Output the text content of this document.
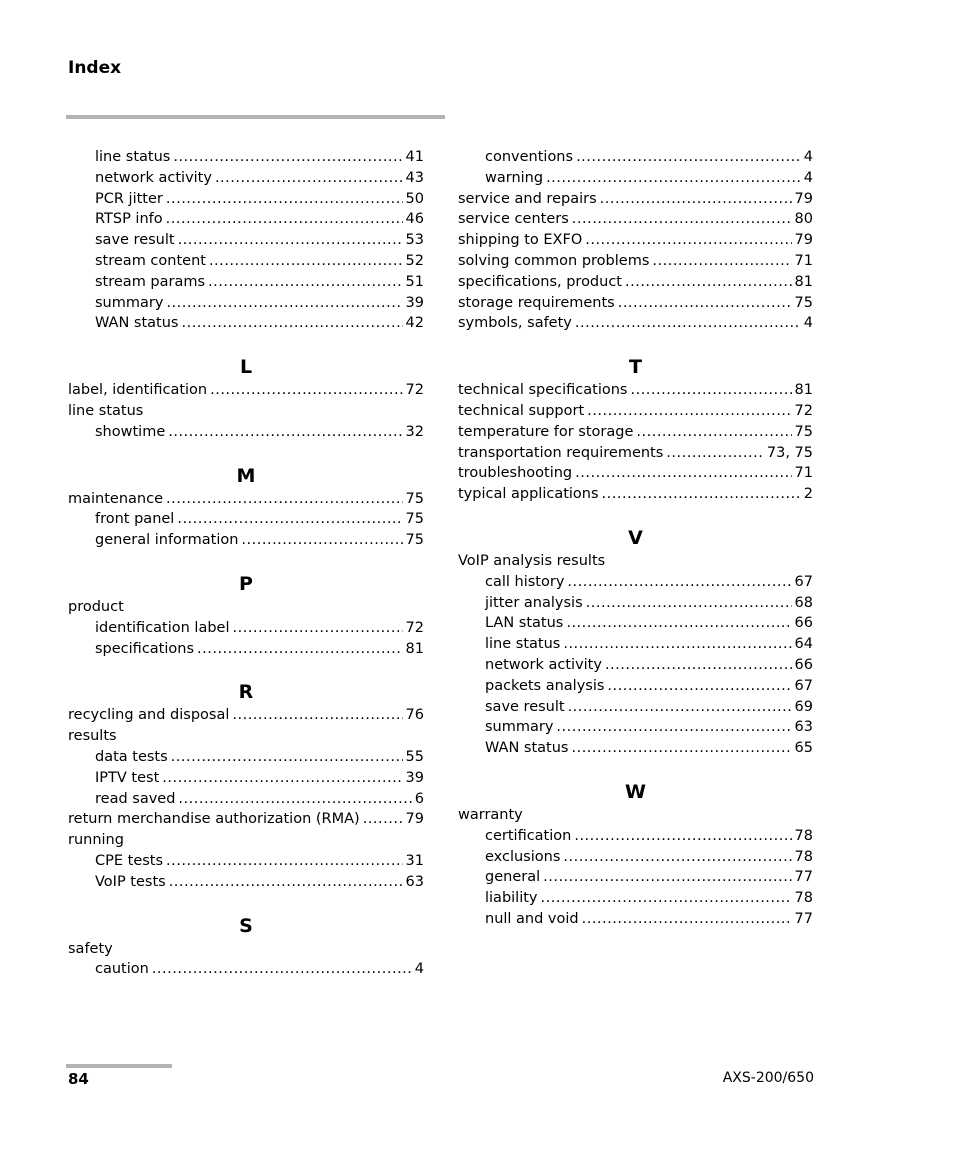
Index
line status .....	41
network activity .....	43
PCR jitter .....	50
RTSP info .....	46
save result .....	53
stream content .....	52
stream params .....	51
summary .....	39
WAN status .....	42
L
label, identification .....	72
line status
showtime .....	32
M
maintenance .....	75
front panel .....	75
general information .....	75
P
product
identification label .....	72
specifications .....	81
R
recycling and disposal .....	76
results
data tests .....	55
IPTV test .....	39
read saved .....	6
return merchandise authorization (RMA) .....	79
running
CPE tests .....	31
VoIP tests .....	63
S
safety
caution .....	4
conventions .....	4
warning .....	4
service and repairs .....	79
service centers .....	80
shipping to EXFO .....	79
solving common problems .....	71
specifications, product .....	81
storage requirements .....	75
symbols, safety .....	4
T
technical specifications .....	81
technical support .....	72
temperature for storage .....	75
transportation requirements .....	73, 75
troubleshooting .....	71
typical applications .....	2
V
VoIP analysis results
call history .....	67
jitter analysis .....	68
LAN status .....	66
line status .....	64
network activity .....	66
packets analysis .....	67
save result .....	69
summary .....	63
WAN status .....	65
W
warranty
certification .....	78
exclusions .....	78
general .....	77
liability .....	78
null and void .....	77
84	AXS-200/650
